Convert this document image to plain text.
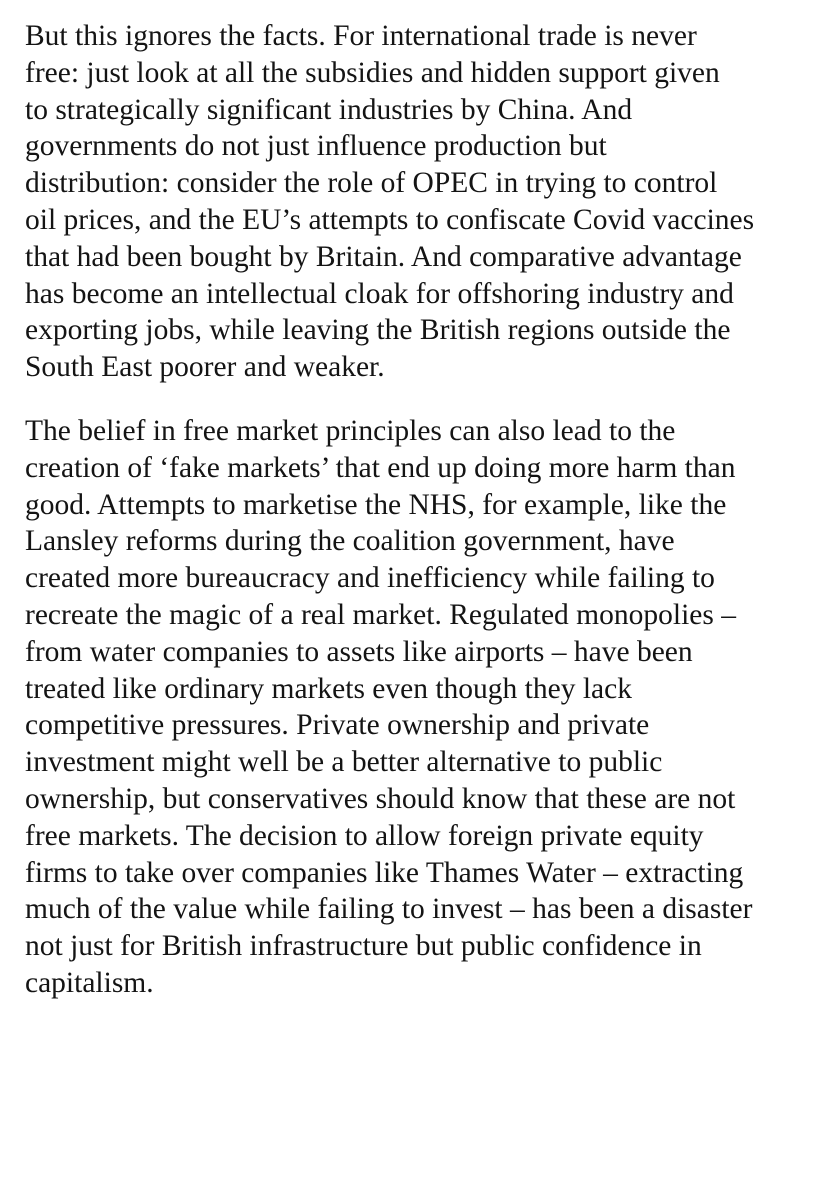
But this ignores the facts. For international trade is never
free: just look at all the subsidies and hidden support given
to strategically significant industries by China. And
governments do not just influence production but
distribution: consider the role of OPEC in trying to control
oil prices, and the EU’s attempts to confiscate Covid vaccines
that had been bought by Britain. And comparative advantage
has become an intellectual cloak for offshoring industry and
exporting jobs, while leaving the British regions outside the
South East poorer and weaker.

The belief in free market principles can also lead to the
creation of ‘fake markets’ that end up doing more harm than
good. Attempts to marketise the NHS, for example, like the
Lansley reforms during the coalition government, have
created more bureaucracy and inefficiency while failing to
recreate the magic of a real market. Regulated monopolies –
from water companies to assets like airports – have been
treated like ordinary markets even though they lack
competitive pressures. Private ownership and private
investment might well be a better alternative to public
ownership, but conservatives should know that these are not
free markets. The decision to allow foreign private equity
firms to take over companies like Thames Water – extracting
much of the value while failing to invest – has been a disaster
not just for British infrastructure but public confidence in
capitalism.
